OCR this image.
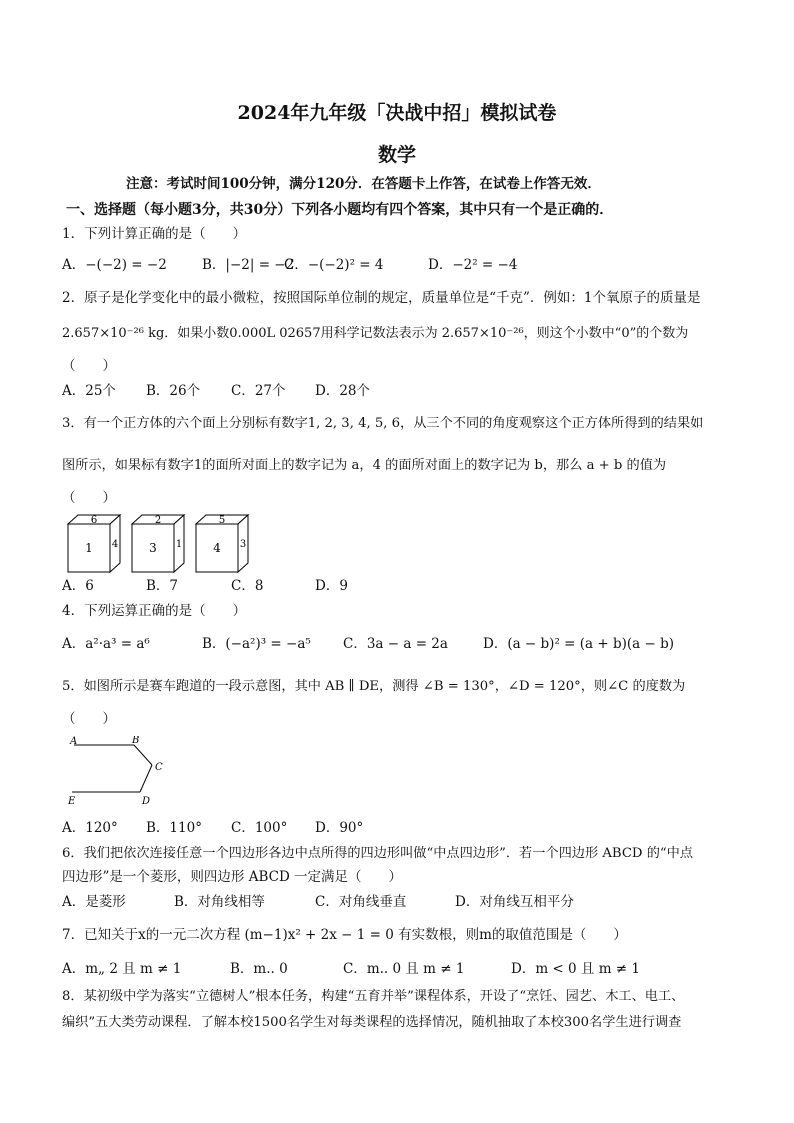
2024年九年级「决战中招」模拟试卷
数学
注意：考试时间100分钟，满分120分．在答题卡上作答，在试卷上作答无效．
一、选择题（每小题3分，共30分）下列各小题均有四个答案，其中只有一个是正确的．
1．下列计算正确的是（　　）
A．−(−2) = −2	B．|−2| = −2
C．−(−2)² = 4	D．−2² = −4
2．原子是化学变化中的最小微粒，按照国际单位制的规定，质量单位是“千克”．例如：1个氧原子的质量是
2.657×10⁻²⁶ kg．如果小数0.000L 02657用科学记数法表示为 2.657×10⁻²⁶，则这个小数中“0”的个数为
（　　）
A．25个 B．26个 C．27个 D．28个
3．有一个正方体的六个面上分别标有数字1, 2, 3, 4, 5, 6，从三个不同的角度观察这个正方体所得到的结果如
图所示，如果标有数字1的面所对面上的数字记为 a，4 的面所对面上的数字记为 b，那么 a + b 的值为
（　　）
6
1 4
2
3 1
5
4 3
A．6	B．7	C．8	D．9
4．下列运算正确的是（　　）
A．a²·a³ = a⁶	B．(−a²)³ = −a⁵ C．3a − a = 2a	D．(a − b)² = (a + b)(a − b)
5．如图所示是赛车跑道的一段示意图，其中 AB ∥ DE，测得 ∠B = 130°，∠D = 120°，则∠C 的度数为
（　　）
A	B
C
D
E
A．120° B．110° C．100° D．90°
6．我们把依次连接任意一个四边形各边中点所得的四边形叫做“中点四边形”．若一个四边形 ABCD 的“中点
四边形”是一个菱形，则四边形 ABCD 一定满足（　　）
A．是菱形	B．对角线相等	C．对角线垂直	D．对角线互相平分
7．已知关于x的一元二次方程 (m−1)x² + 2x − 1 = 0 有实数根，则m的取值范围是（　　）
A．m„ 2 且 m ≠ 1	B．m.. 0	C．m.. 0 且 m ≠ 1	D．m < 0 且 m ≠ 1
8．某初级中学为落实“立德树人”根本任务，构建“五育并举”课程体系，开设了“烹饪、园艺、木工、电工、
编织”五大类劳动课程．了解本校1500名学生对每类课程的选择情况，随机抽取了本校300名学生进行调查
